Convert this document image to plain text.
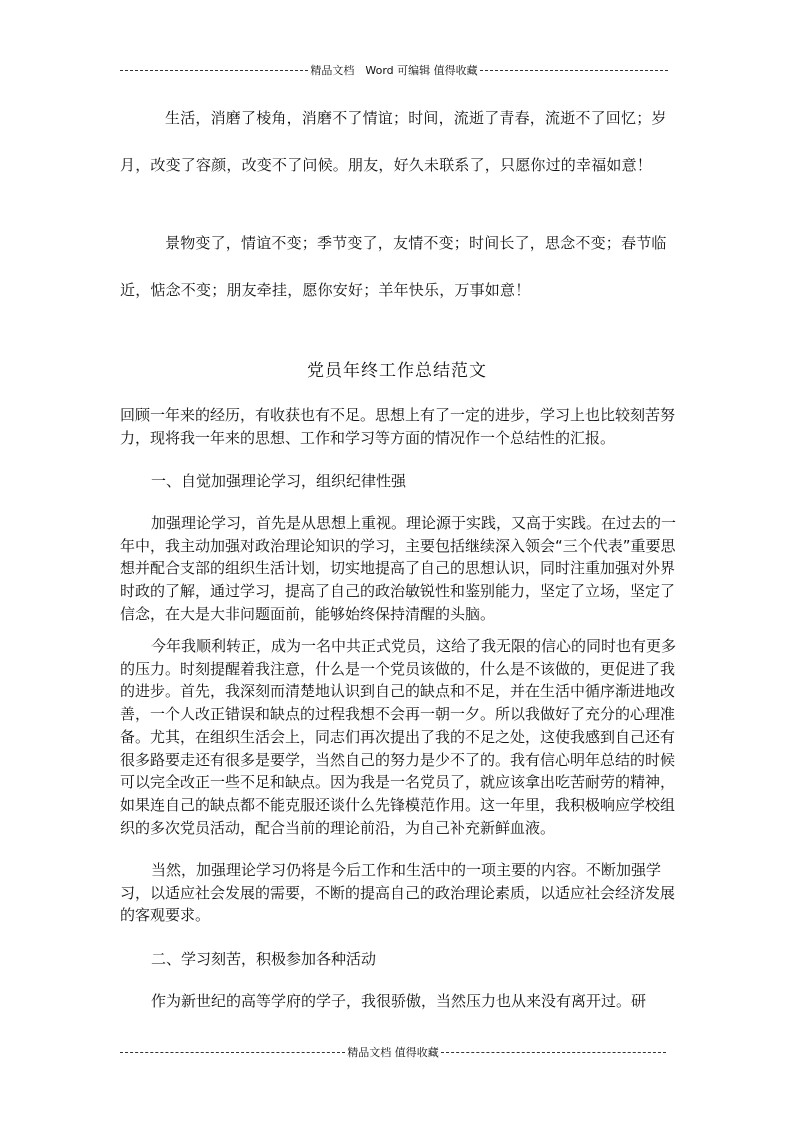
精品文档　Word 可编辑 值得收藏

生活，消磨了棱角，消磨不了情谊；时间，流逝了青春，流逝不了回忆；岁月，改变了容颜，改变不了问候。朋友，好久未联系了，只愿你过的幸福如意！

景物变了，情谊不变；季节变了，友情不变；时间长了，思念不变；春节临近，惦念不变；朋友牵挂，愿你安好；羊年快乐，万事如意！

党员年终工作总结范文

回顾一年来的经历，有收获也有不足。思想上有了一定的进步，学习上也比较刻苦努力，现将我一年来的思想、工作和学习等方面的情况作一个总结性的汇报。

一、自觉加强理论学习，组织纪律性强

加强理论学习，首先是从思想上重视。理论源于实践，又高于实践。在过去的一年中，我主动加强对政治理论知识的学习，主要包括继续深入领会“三个代表”重要思想并配合支部的组织生活计划，切实地提高了自己的思想认识，同时注重加强对外界时政的了解，通过学习，提高了自己的政治敏锐性和鉴别能力，坚定了立场，坚定了信念，在大是大非问题面前，能够始终保持清醒的头脑。

今年我顺利转正，成为一名中共正式党员，这给了我无限的信心的同时也有更多的压力。时刻提醒着我注意，什么是一个党员该做的，什么是不该做的，更促进了我的进步。首先，我深刻而清楚地认识到自己的缺点和不足，并在生活中循序渐进地改善，一个人改正错误和缺点的过程我想不会再一朝一夕。所以我做好了充分的心理准备。尤其，在组织生活会上，同志们再次提出了我的不足之处，这使我感到自己还有很多路要走还有很多是要学，当然自己的努力是少不了的。我有信心明年总结的时候可以完全改正一些不足和缺点。因为我是一名党员了，就应该拿出吃苦耐劳的精神，如果连自己的缺点都不能克服还谈什么先锋模范作用。这一年里，我积极响应学校组织的多次党员活动，配合当前的理论前沿，为自己补充新鲜血液。

当然，加强理论学习仍将是今后工作和生活中的一项主要的内容。不断加强学习，以适应社会发展的需要，不断的提高自己的政治理论素质，以适应社会经济发展的客观要求。

二、学习刻苦，积极参加各种活动

作为新世纪的高等学府的学子，我很骄傲，当然压力也从来没有离开过。研

精品文档 值得收藏
